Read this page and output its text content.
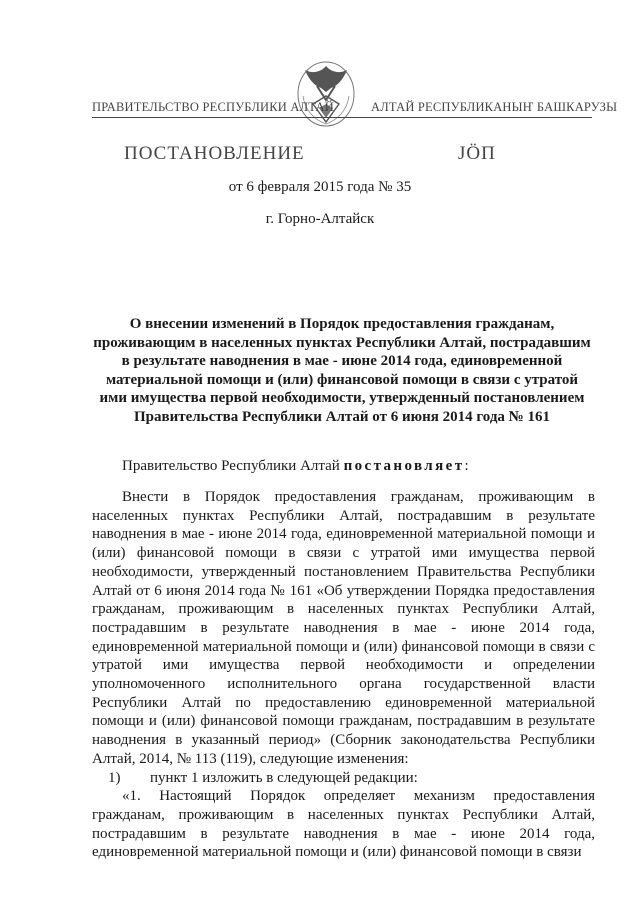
ПРАВИТЕЛЬСТВО РЕСПУБЛИКИ АЛТАЙ	АЛТАЙ РЕСПУБЛИКАНЫҤ БАШКАРУЗЫ
ПОСТАНОВЛЕНИЕ	ЈӦП
от 6 февраля 2015 года № 35
г. Горно-Алтайск
О внесении изменений в Порядок предоставления гражданам, проживающим в населенных пунктах Республики Алтай, пострадавшим в результате наводнения в мае - июне 2014 года, единовременной материальной помощи и (или) финансовой помощи в связи с утратой ими имущества первой необходимости, утвержденный постановлением Правительства Республики Алтай от 6 июня 2014 года № 161
Правительство Республики Алтай постановляет:

Внести в Порядок предоставления гражданам, проживающим в населенных пунктах Республики Алтай, пострадавшим в результате наводнения в мае - июне 2014 года, единовременной материальной помощи и (или) финансовой помощи в связи с утратой ими имущества первой необходимости, утвержденный постановлением Правительства Республики Алтай от 6 июня 2014 года № 161 «Об утверждении Порядка предоставления гражданам, проживающим в населенных пунктах Республики Алтай, пострадавшим в результате наводнения в мае - июне 2014 года, единовременной материальной помощи и (или) финансовой помощи в связи с утратой ими имущества первой необходимости и определении уполномоченного исполнительного органа государственной власти Республики Алтай по предоставлению единовременной материальной помощи и (или) финансовой помощи гражданам, пострадавшим в результате наводнения в указанный период» (Сборник законодательства Республики Алтай, 2014, № 113 (119), следующие изменения:

1) пункт 1 изложить в следующей редакции:

«1. Настоящий Порядок определяет механизм предоставления гражданам, проживающим в населенных пунктах Республики Алтай, пострадавшим в результате наводнения в мае - июне 2014 года, единовременной материальной помощи и (или) финансовой помощи в связи
